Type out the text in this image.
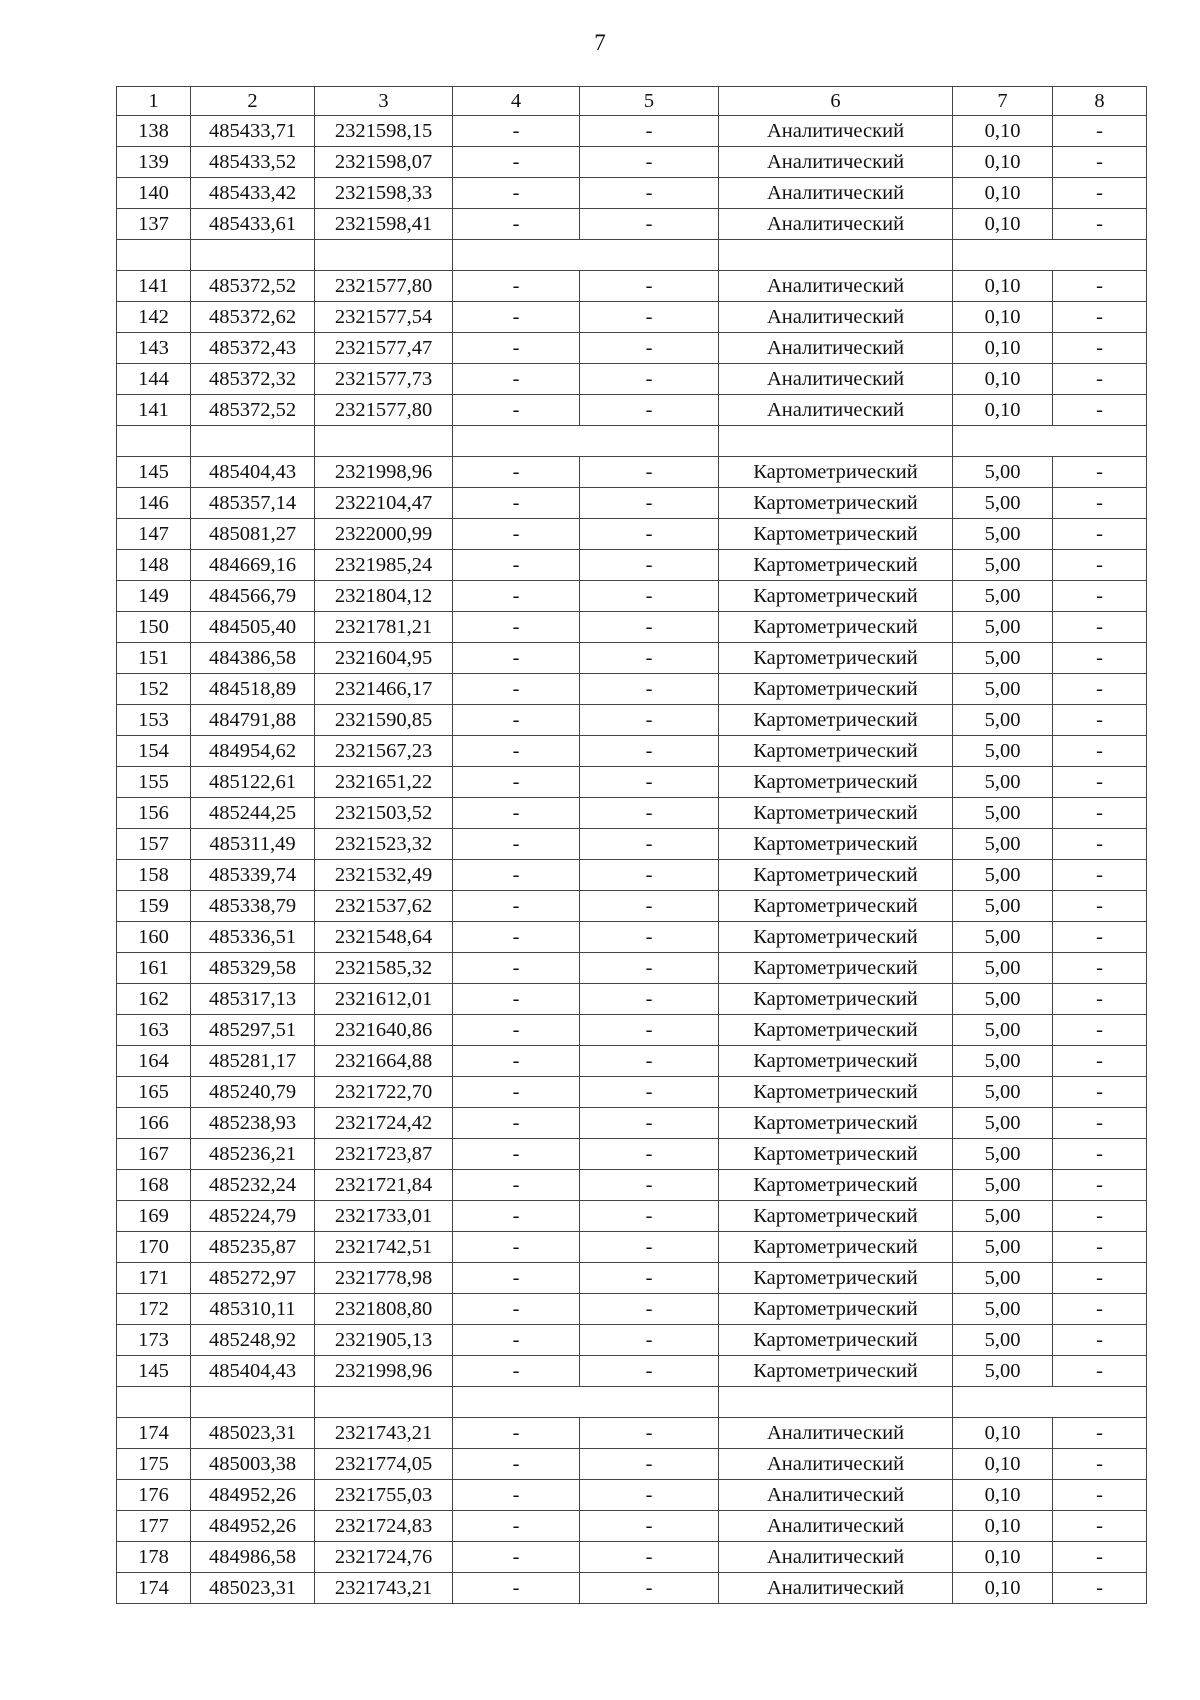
7
1	2	3	4	5	6	7	8
138	485433,71	2321598,15	-	-	Аналитический	0,10	-
139	485433,52	2321598,07	-	-	Аналитический	0,10	-
140	485433,42	2321598,33	-	-	Аналитический	0,10	-
137	485433,61	2321598,41	-	-	Аналитический	0,10	-

141	485372,52	2321577,80	-	-	Аналитический	0,10	-
142	485372,62	2321577,54	-	-	Аналитический	0,10	-
143	485372,43	2321577,47	-	-	Аналитический	0,10	-
144	485372,32	2321577,73	-	-	Аналитический	0,10	-
141	485372,52	2321577,80	-	-	Аналитический	0,10	-

145	485404,43	2321998,96	-	-	Картометрический	5,00	-
146	485357,14	2322104,47	-	-	Картометрический	5,00	-
147	485081,27	2322000,99	-	-	Картометрический	5,00	-
148	484669,16	2321985,24	-	-	Картометрический	5,00	-
149	484566,79	2321804,12	-	-	Картометрический	5,00	-
150	484505,40	2321781,21	-	-	Картометрический	5,00	-
151	484386,58	2321604,95	-	-	Картометрический	5,00	-
152	484518,89	2321466,17	-	-	Картометрический	5,00	-
153	484791,88	2321590,85	-	-	Картометрический	5,00	-
154	484954,62	2321567,23	-	-	Картометрический	5,00	-
155	485122,61	2321651,22	-	-	Картометрический	5,00	-
156	485244,25	2321503,52	-	-	Картометрический	5,00	-
157	485311,49	2321523,32	-	-	Картометрический	5,00	-
158	485339,74	2321532,49	-	-	Картометрический	5,00	-
159	485338,79	2321537,62	-	-	Картометрический	5,00	-
160	485336,51	2321548,64	-	-	Картометрический	5,00	-
161	485329,58	2321585,32	-	-	Картометрический	5,00	-
162	485317,13	2321612,01	-	-	Картометрический	5,00	-
163	485297,51	2321640,86	-	-	Картометрический	5,00	-
164	485281,17	2321664,88	-	-	Картометрический	5,00	-
165	485240,79	2321722,70	-	-	Картометрический	5,00	-
166	485238,93	2321724,42	-	-	Картометрический	5,00	-
167	485236,21	2321723,87	-	-	Картометрический	5,00	-
168	485232,24	2321721,84	-	-	Картометрический	5,00	-
169	485224,79	2321733,01	-	-	Картометрический	5,00	-
170	485235,87	2321742,51	-	-	Картометрический	5,00	-
171	485272,97	2321778,98	-	-	Картометрический	5,00	-
172	485310,11	2321808,80	-	-	Картометрический	5,00	-
173	485248,92	2321905,13	-	-	Картометрический	5,00	-
145	485404,43	2321998,96	-	-	Картометрический	5,00	-

174	485023,31	2321743,21	-	-	Аналитический	0,10	-
175	485003,38	2321774,05	-	-	Аналитический	0,10	-
176	484952,26	2321755,03	-	-	Аналитический	0,10	-
177	484952,26	2321724,83	-	-	Аналитический	0,10	-
178	484986,58	2321724,76	-	-	Аналитический	0,10	-
174	485023,31	2321743,21	-	-	Аналитический	0,10	-
